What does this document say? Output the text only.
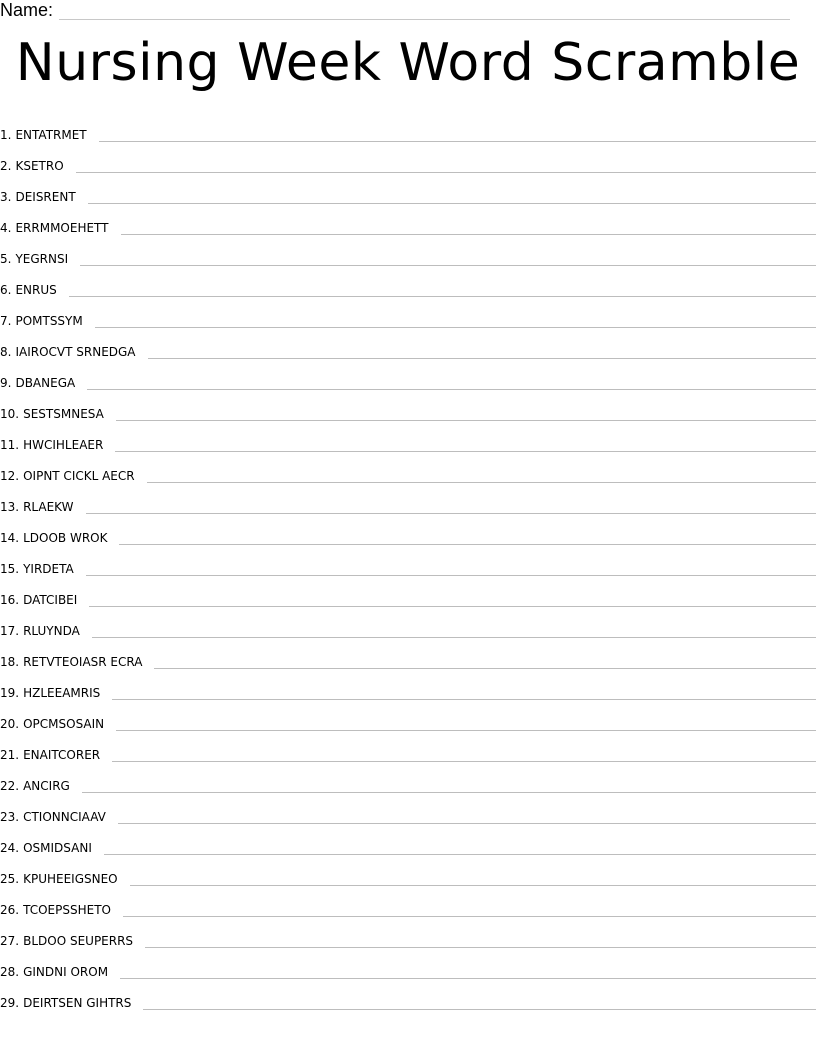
Name:
Nursing Week Word Scramble
1. ENTATRMET
2. KSETRO
3. DEISRENT
4. ERRMMOEHETT
5. YEGRNSI
6. ENRUS
7. POMTSSYM
8. IAIROCVT SRNEDGA
9. DBANEGA
10. SESTSMNESA
11. HWCIHLEAER
12. OIPNT CICKL AECR
13. RLAEKW
14. LDOOB WROK
15. YIRDETA
16. DATCIBEI
17. RLUYNDA
18. RETVTEOIASR ECRA
19. HZLEEAMRIS
20. OPCMSOSAIN
21. ENAITCORER
22. ANCIRG
23. CTIONNCIAAV
24. OSMIDSANI
25. KPUHEEIGSNEO
26. TCOEPSSHETO
27. BLDOO SEUPERRS
28. GINDNI OROM
29. DEIRTSEN GIHTRS
